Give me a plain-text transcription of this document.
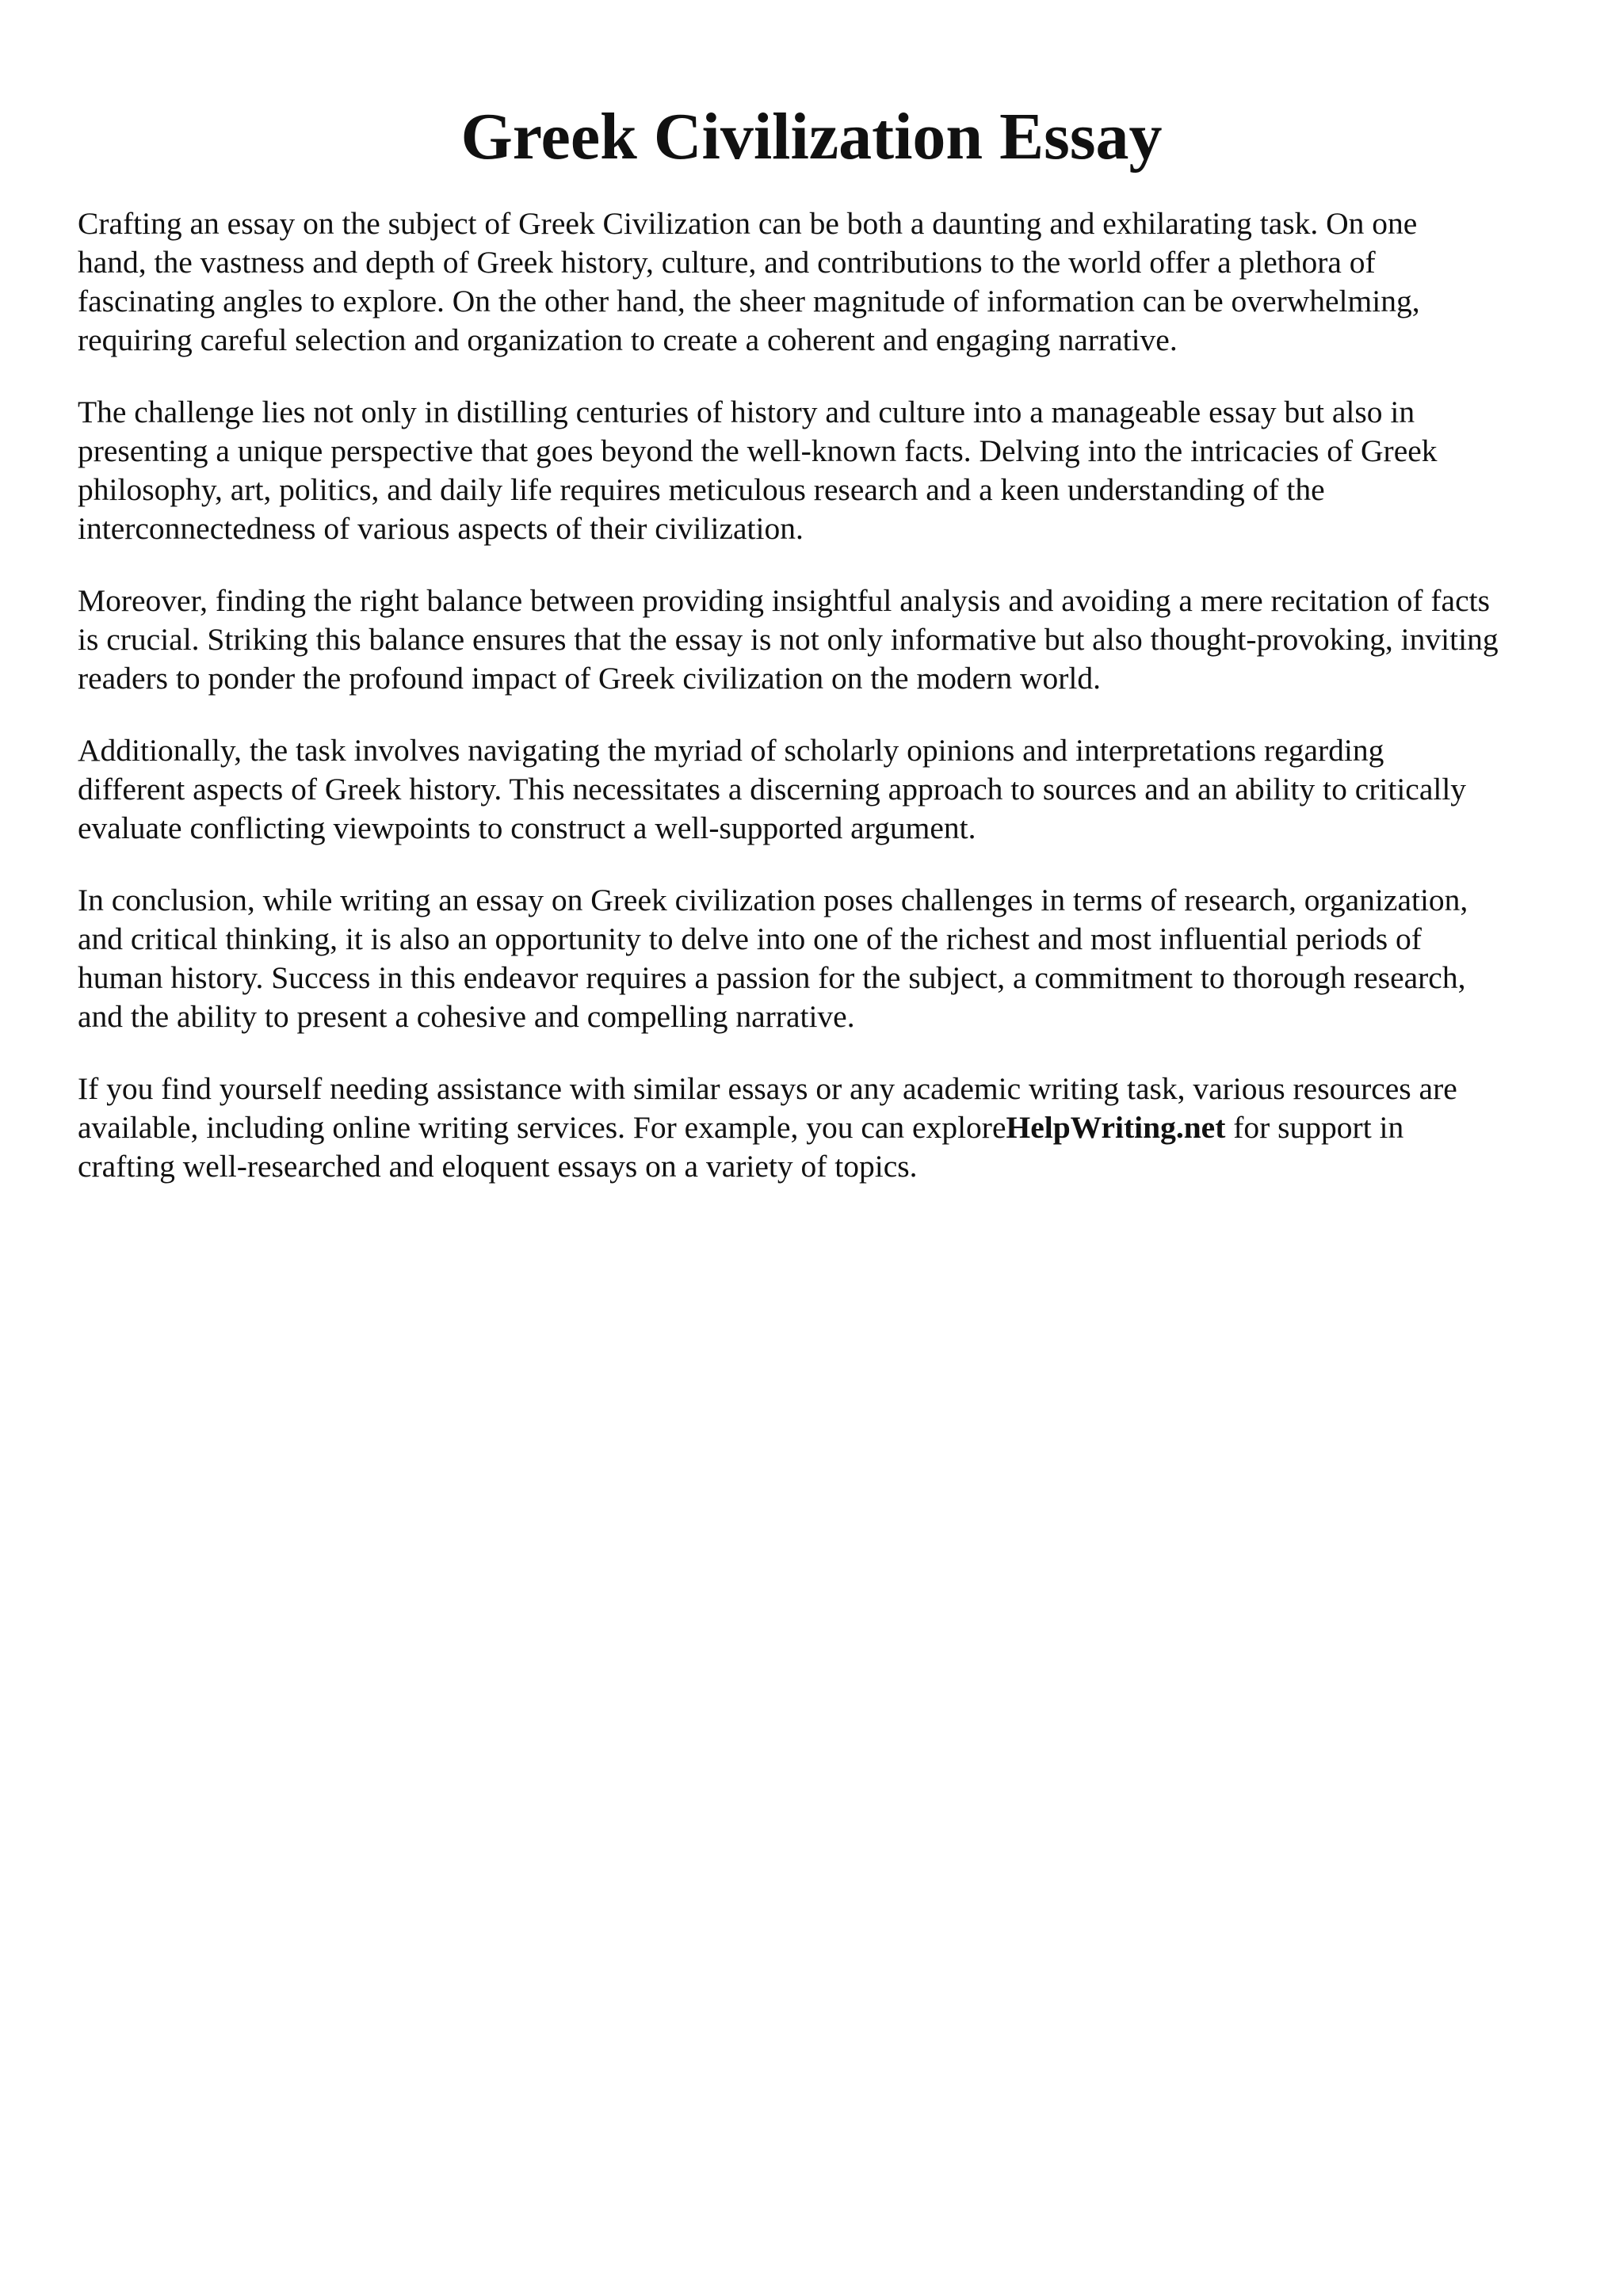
Greek Civilization Essay

Crafting an essay on the subject of Greek Civilization can be both a daunting and exhilarating task. On one
hand, the vastness and depth of Greek history, culture, and contributions to the world offer a plethora of
fascinating angles to explore. On the other hand, the sheer magnitude of information can be overwhelming,
requiring careful selection and organization to create a coherent and engaging narrative.

The challenge lies not only in distilling centuries of history and culture into a manageable essay but also in
presenting a unique perspective that goes beyond the well-known facts. Delving into the intricacies of Greek
philosophy, art, politics, and daily life requires meticulous research and a keen understanding of the
interconnectedness of various aspects of their civilization.

Moreover, finding the right balance between providing insightful analysis and avoiding a mere recitation of facts
is crucial. Striking this balance ensures that the essay is not only informative but also thought-provoking, inviting
readers to ponder the profound impact of Greek civilization on the modern world.

Additionally, the task involves navigating the myriad of scholarly opinions and interpretations regarding
different aspects of Greek history. This necessitates a discerning approach to sources and an ability to critically
evaluate conflicting viewpoints to construct a well-supported argument.

In conclusion, while writing an essay on Greek civilization poses challenges in terms of research, organization,
and critical thinking, it is also an opportunity to delve into one of the richest and most influential periods of
human history. Success in this endeavor requires a passion for the subject, a commitment to thorough research,
and the ability to present a cohesive and compelling narrative.

If you find yourself needing assistance with similar essays or any academic writing task, various resources are
available, including online writing services. For example, you can exploreHelpWriting.net for support in
crafting well-researched and eloquent essays on a variety of topics.
